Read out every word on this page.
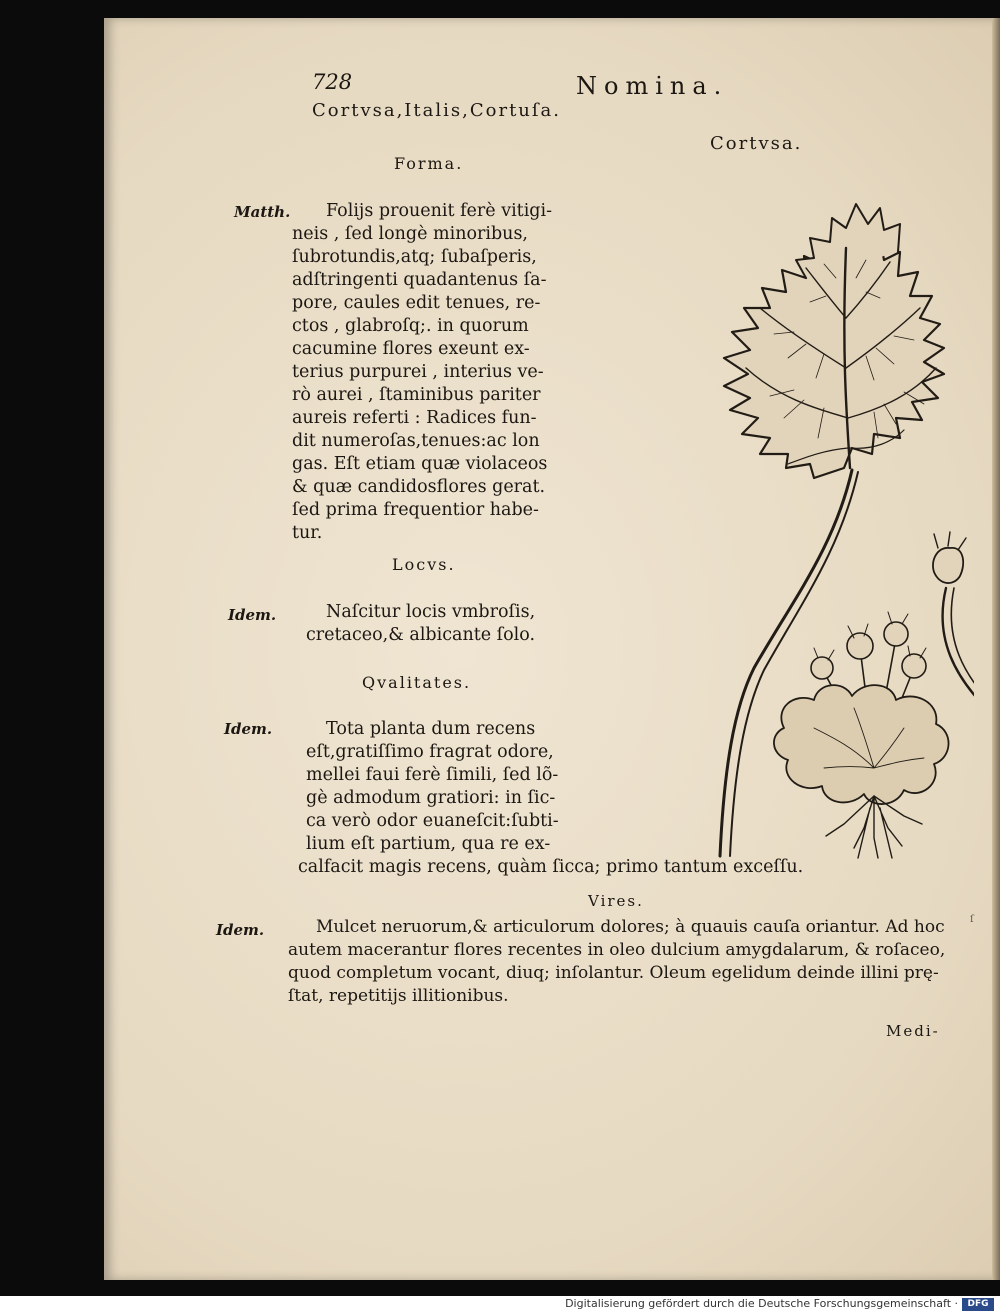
728	Nomina.
Cortvsa,Italis,Cortuſa.
Cortvsa.
Forma.
Matth. Folijs prouenit ferè vitigi-
neis , ſed longè minoribus,
ſubrotundis,atq; ſubaſperis,
adſtringenti quadantenus ſa-
pore, caules edit tenues, re-
ctos , glabroſq;. in quorum
cacumine flores exeunt ex-
terius purpurei , interius ve-
rò aurei , ſtaminibus pariter
aureis referti : Radices fun-
dit numeroſas,tenues:ac lon
gas. Eſt etiam quæ violaceos
& quæ candidosflores gerat.
ſed prima frequentior habe-
tur.
Locvs.
Idem.	Naſcitur locis vmbroſis,
cretaceo,& albicante ſolo.
Qvalitates.
Idem.	Tota planta dum recens
eſt,gratiſſimo fragrat odore,
mellei faui ferè ſimili, ſed lõ-
gè admodum gratiori: in ſic-
ca verò odor euaneſcit:ſubti-
lium eſt partium, qua re ex-
calfacit magis recens, quàm ſicca; primo tantum exceſſu.
Vires.
Idem.	Mulcet neruorum,& articulorum dolores; à quauis cauſa oriantur. Ad hoc
autem macerantur flores recentes in oleo dulcium amygdalarum, & roſaceo,
quod completum vocant, diuq; inſolantur. Oleum egelidum deinde illini prę-
ſtat, repetitijs illitionibus.
Medi-
ſ
Digitalisierung gefördert durch die Deutsche Forschungsgemeinschaft ·	DFG
